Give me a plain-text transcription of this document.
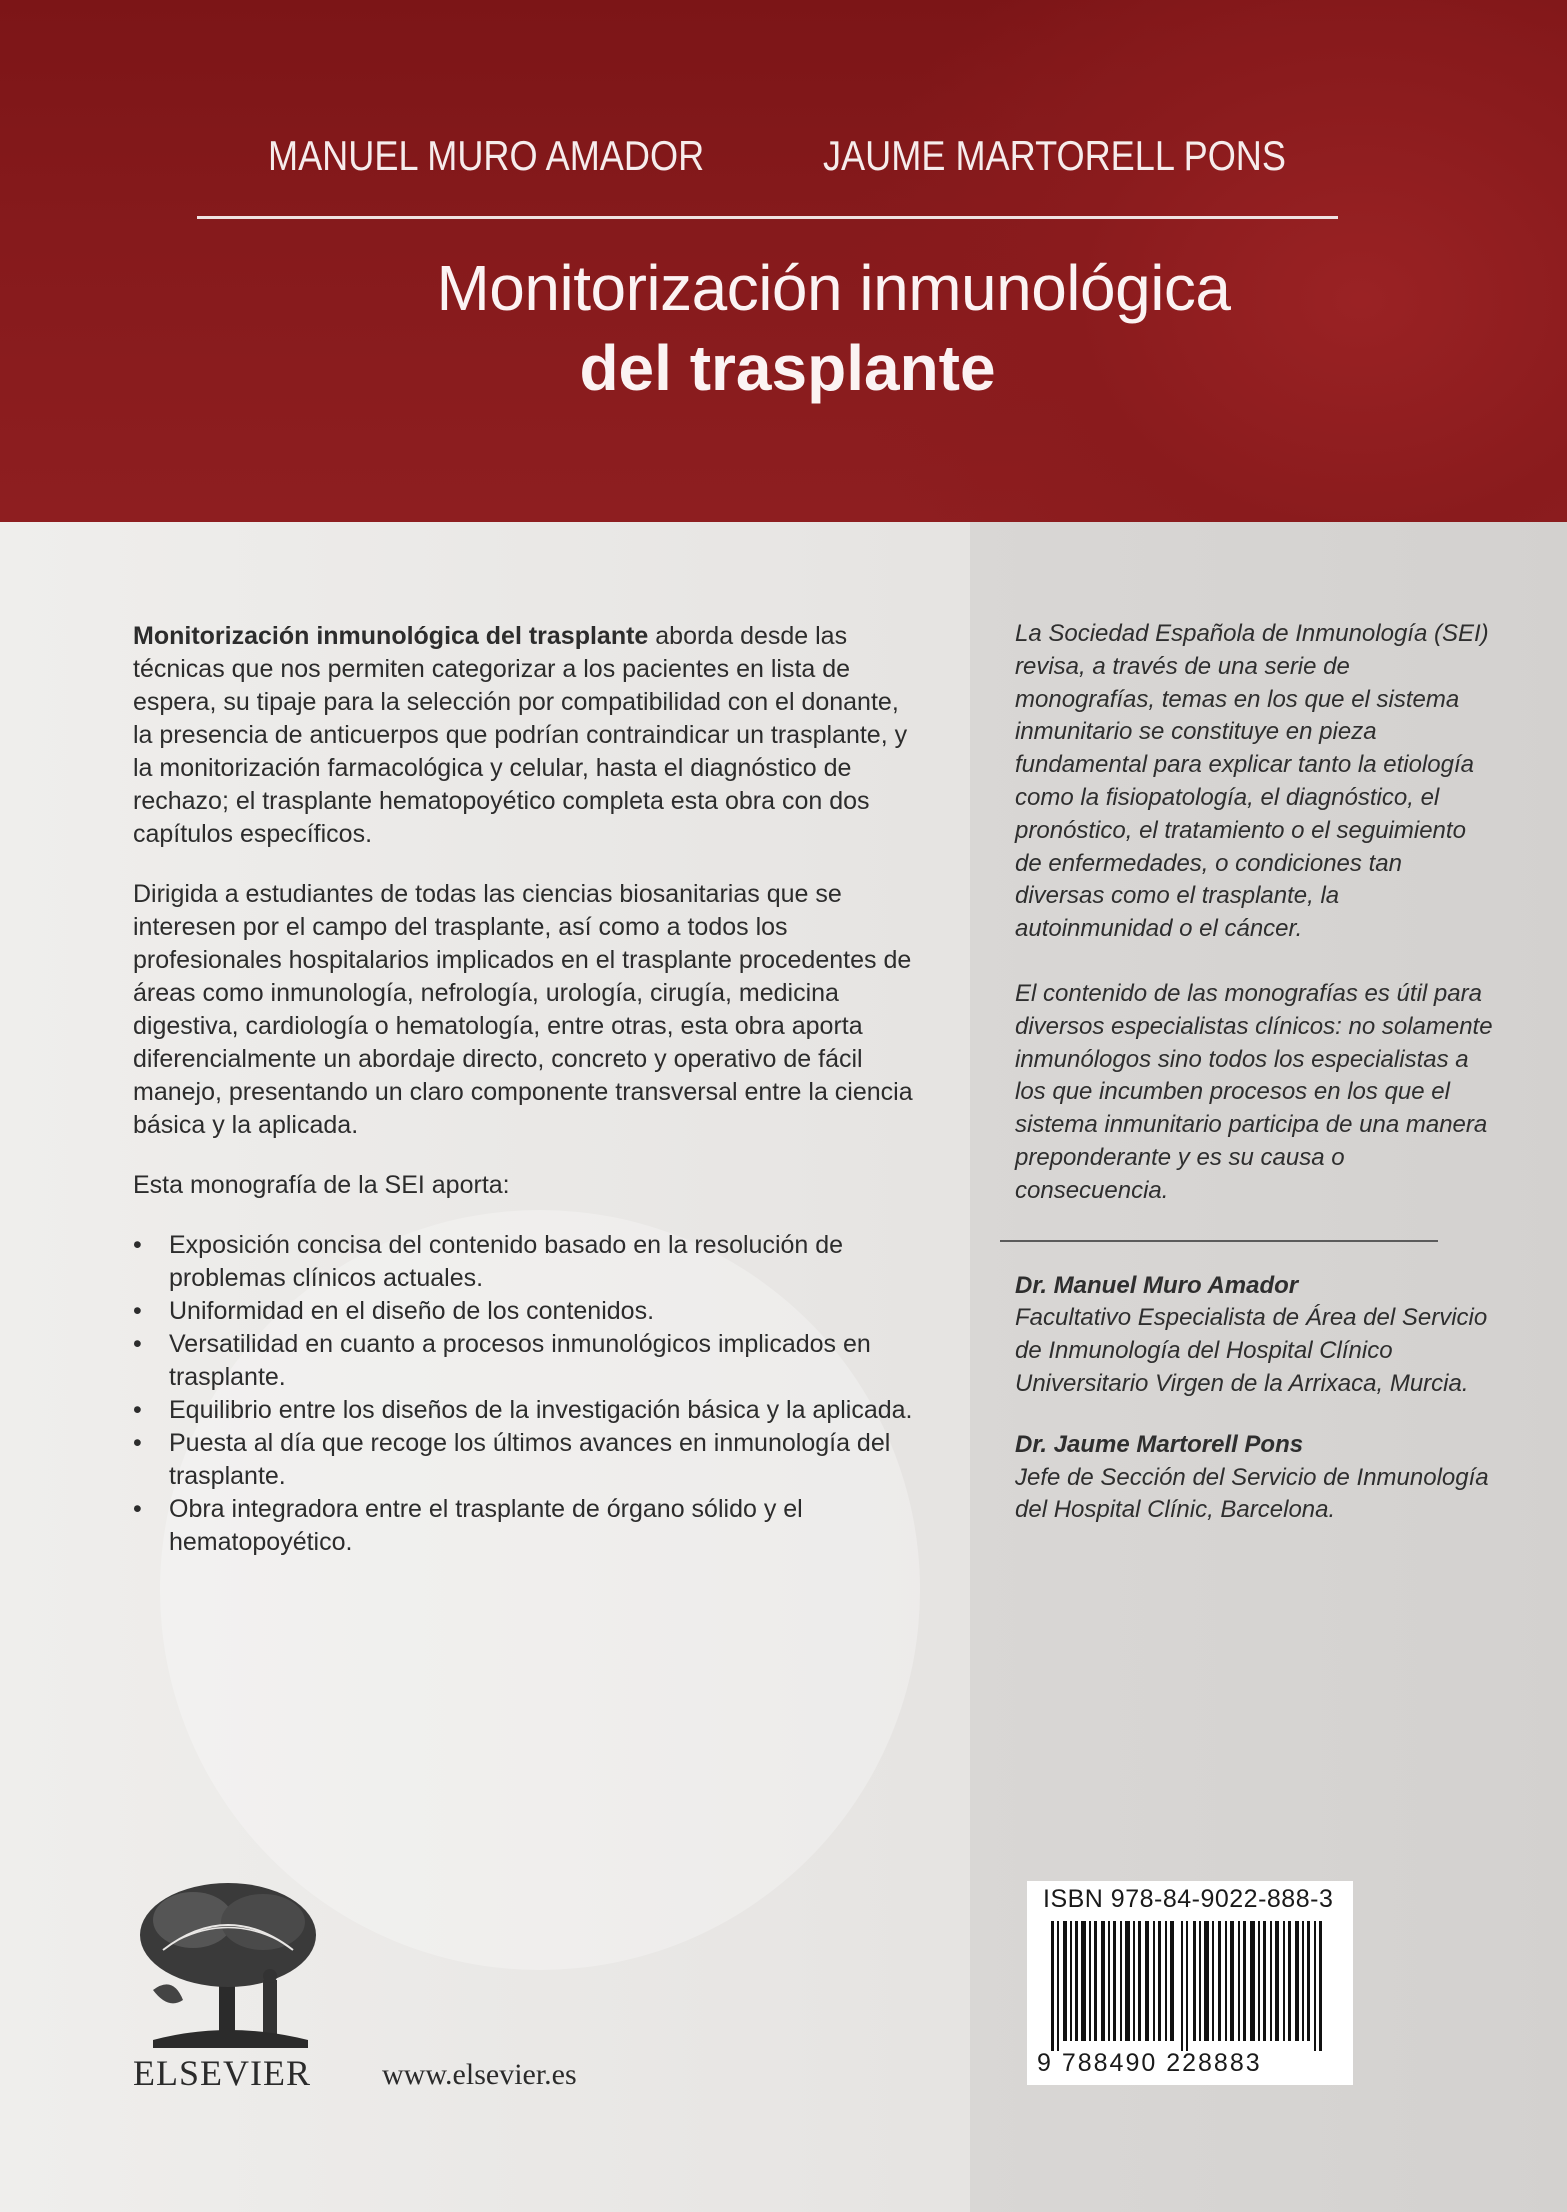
MANUEL MURO AMADOR	JAUME MARTORELL PONS
Monitorización inmunológica
del trasplante

Monitorización inmunológica del trasplante aborda desde las técnicas que nos permiten categorizar a los pacientes en lista de espera, su tipaje para la selección por compatibilidad con el donante, la presencia de anticuerpos que podrían contraindicar un trasplante, y la monitorización farmacológica y celular, hasta el diagnóstico de rechazo; el trasplante hematopoyético completa esta obra con dos capítulos específicos.

Dirigida a estudiantes de todas las ciencias biosanitarias que se interesen por el campo del trasplante, así como a todos los profesionales hospitalarios implicados en el trasplante procedentes de áreas como inmunología, nefrología, urología, cirugía, medicina digestiva, cardiología o hematología, entre otras, esta obra aporta diferencialmente un abordaje directo, concreto y operativo de fácil manejo, presentando un claro componente transversal entre la ciencia básica y la aplicada.

Esta monografía de la SEI aporta:

• Exposición concisa del contenido basado en la resolución de problemas clínicos actuales.
• Uniformidad en el diseño de los contenidos.
• Versatilidad en cuanto a procesos inmunológicos implicados en trasplante.
• Equilibrio entre los diseños de la investigación básica y la aplicada.
• Puesta al día que recoge los últimos avances en inmunología del trasplante.
• Obra integradora entre el trasplante de órgano sólido y el hematopoyético.

La Sociedad Española de Inmunología (SEI) revisa, a través de una serie de monografías, temas en los que el sistema inmunitario se constituye en pieza fundamental para explicar tanto la etiología como la fisiopatología, el diagnóstico, el pronóstico, el tratamiento o el seguimiento de enfermedades, o condiciones tan diversas como el trasplante, la autoinmunidad o el cáncer.

El contenido de las monografías es útil para diversos especialistas clínicos: no solamente inmunólogos sino todos los especialistas a los que incumben procesos en los que el sistema inmunitario participa de una manera preponderante y es su causa o consecuencia.

Dr. Manuel Muro Amador
Facultativo Especialista de Área del Servicio de Inmunología del Hospital Clínico Universitario Virgen de la Arrixaca, Murcia.

Dr. Jaume Martorell Pons
Jefe de Sección del Servicio de Inmunología del Hospital Clínic, Barcelona.

ELSEVIER www.elsevier.es
ISBN 978-84-9022-888-3
9 788490 228883
